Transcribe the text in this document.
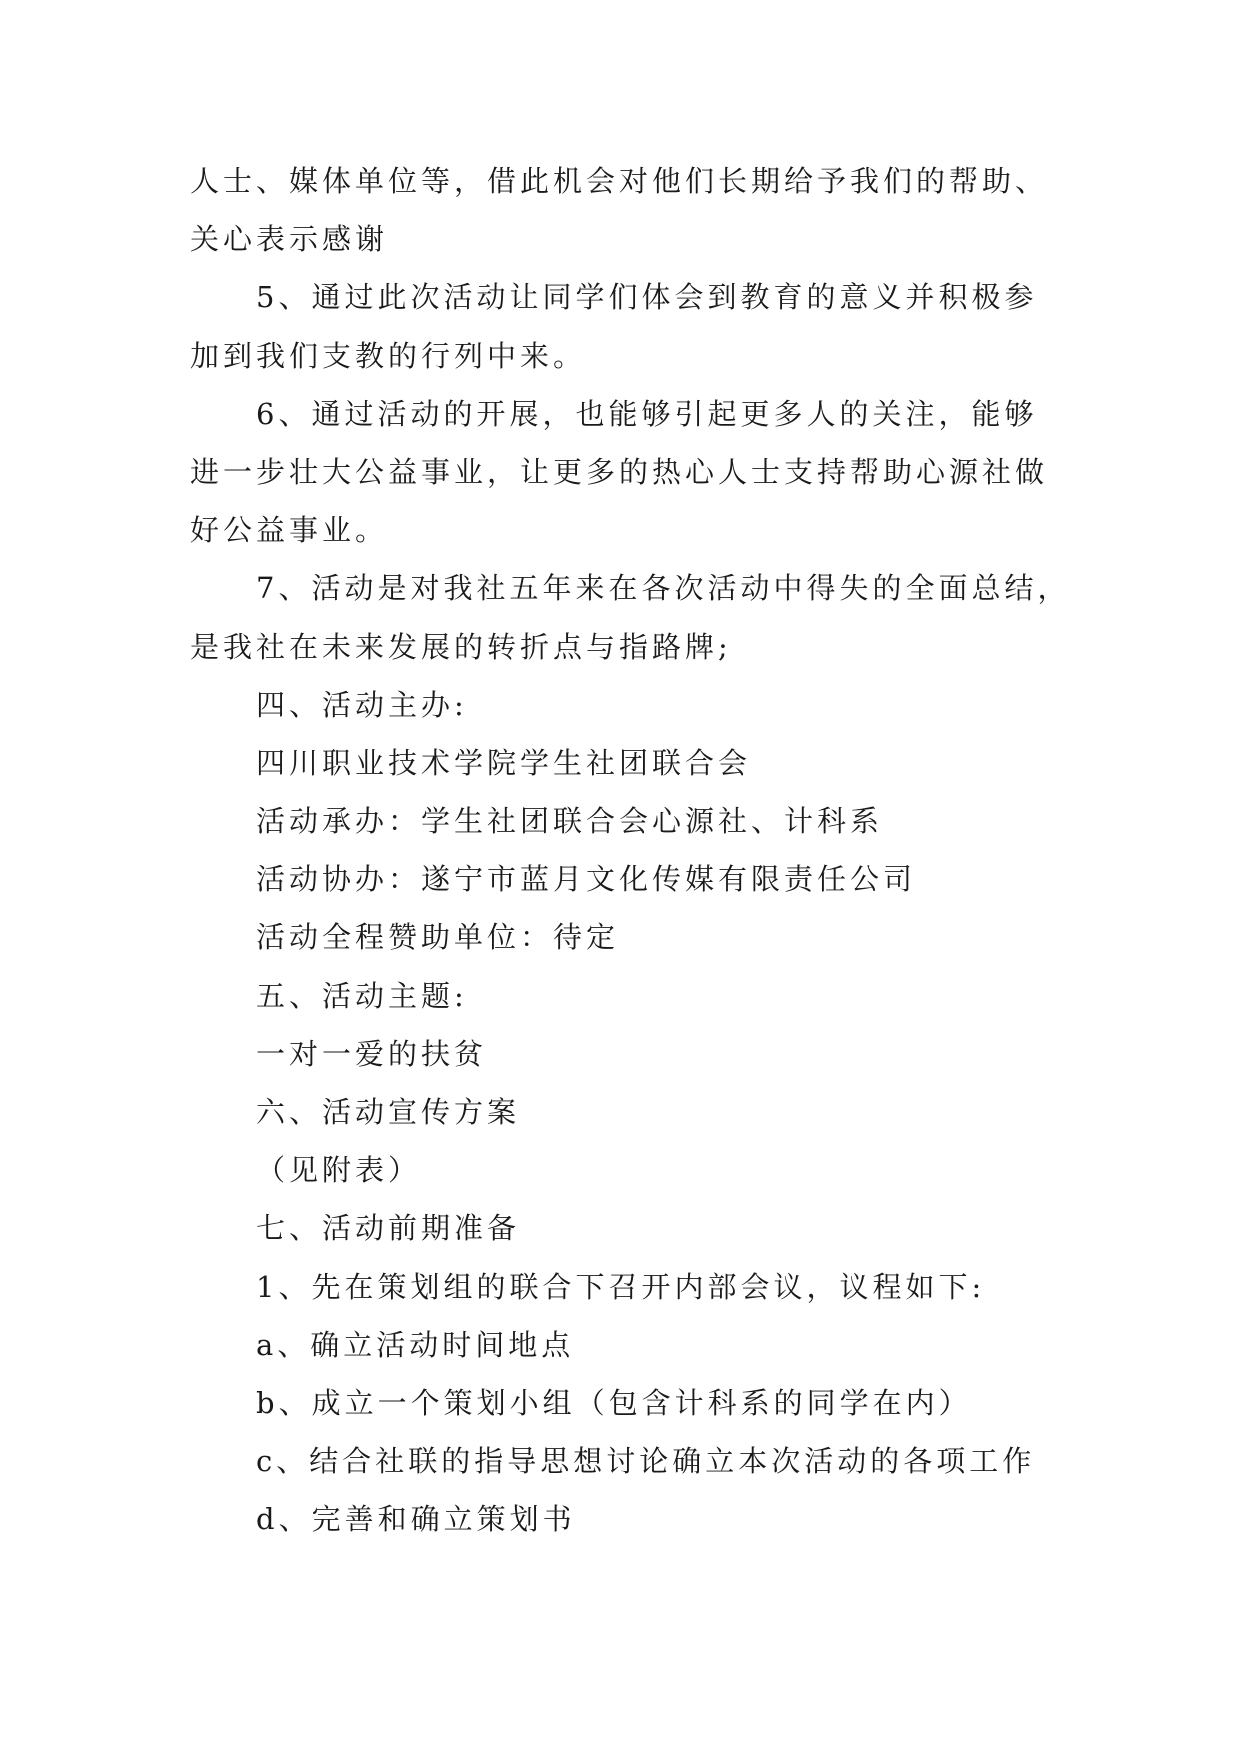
人士、媒体单位等，借此机会对他们长期给予我们的帮助、
关心表示感谢
5、通过此次活动让同学们体会到教育的意义并积极参
加到我们支教的行列中来。
6、通过活动的开展，也能够引起更多人的关注，能够
进一步壮大公益事业，让更多的热心人士支持帮助心源社做
好公益事业。
7、活动是对我社五年来在各次活动中得失的全面总结，
是我社在未来发展的转折点与指路牌;
四、活动主办:
四川职业技术学院学生社团联合会
活动承办：学生社团联合会心源社、计科系
活动协办：遂宁市蓝月文化传媒有限责任公司
活动全程赞助单位：待定
五、活动主题:
一对一爱的扶贫
六、活动宣传方案
（见附表）
七、活动前期准备
1、先在策划组的联合下召开内部会议，议程如下:
a、确立活动时间地点
b、成立一个策划小组（包含计科系的同学在内）
c、结合社联的指导思想讨论确立本次活动的各项工作
d、完善和确立策划书
